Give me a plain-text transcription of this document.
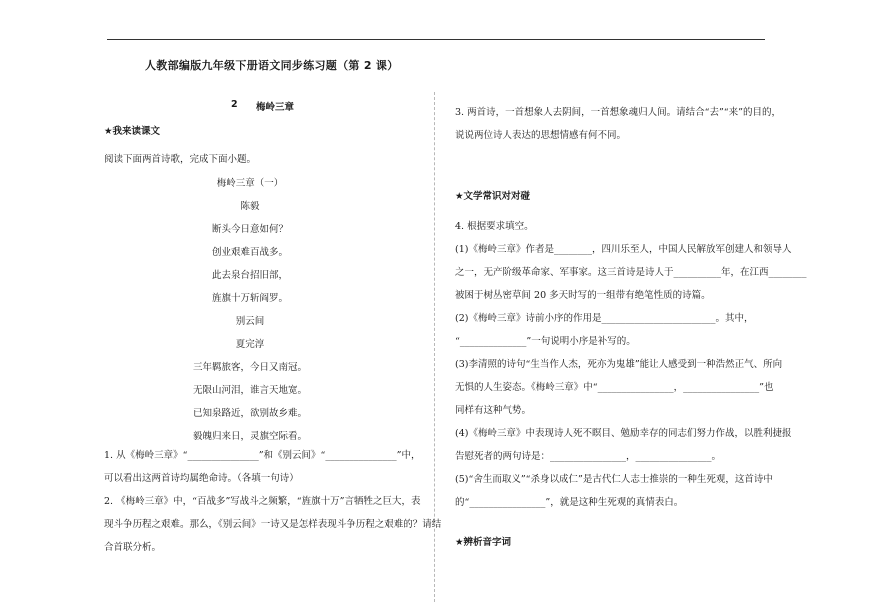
人教部编版九年级下册语文同步练习题（第 2 课）
2 梅岭三章
★我来读课文
阅读下面两首诗歌，完成下面小题。
梅岭三章（一）
陈毅
断头今日意如何？
创业艰难百战多。
此去泉台招旧部，
旌旗十万斩阎罗。
别云间
夏完淳
三年羁旅客，今日又南冠。
无限山河泪，谁言天地宽。
已知泉路近，欲别故乡难。
毅魄归来日，灵旗空际看。
1. 从《梅岭三章》“_______________”和《别云间》“_______________”中，
可以看出这两首诗均属绝命诗。（各填一句诗）
2. 《梅岭三章》中，“百战多”写战斗之频繁，“旌旗十万”言牺牲之巨大，表
现斗争历程之艰难。那么，《别云间》一诗又是怎样表现斗争历程之艰难的？请结
合首联分析。
3. 两首诗，一首想象人去阴间，一首想象魂归人间。请结合“去”“来”的目的，
说说两位诗人表达的思想情感有何不同。
★文学常识对对碰
4. 根据要求填空。
(1)《梅岭三章》作者是________，四川乐至人，中国人民解放军创建人和领导人
之一，无产阶级革命家、军事家。这三首诗是诗人于__________年，在江西________
被困于树丛密草间 20 多天时写的一组带有绝笔性质的诗篇。
(2)《梅岭三章》诗前小序的作用是________________________。其中，
“______________”一句说明小序是补写的。
(3)李清照的诗句“生当作人杰，死亦为鬼雄”能让人感受到一种浩然正气、所向
无惧的人生姿态。《梅岭三章》中“________________，________________”也
同样有这种气势。
(4)《梅岭三章》中表现诗人死不瞑目、勉励幸存的同志们努力作战，以胜利捷报
告慰死者的两句诗是：________________，________________。
(5)“舍生而取义”“杀身以成仁”是古代仁人志士推崇的一种生死观，这首诗中
的“________________”，就是这种生死观的真情表白。
★辨析音字词
